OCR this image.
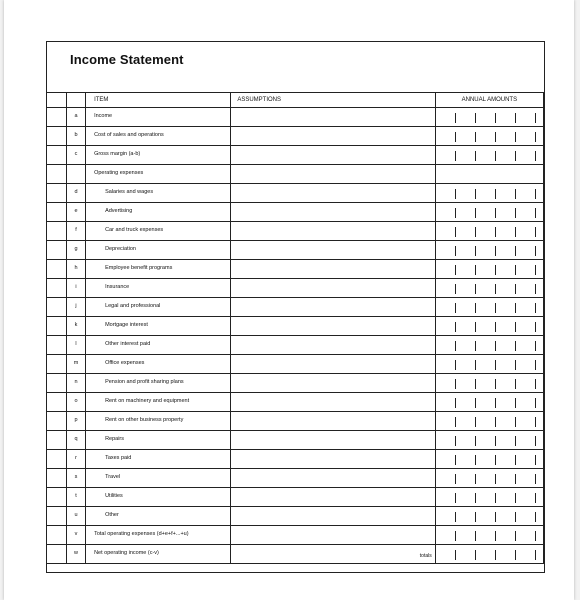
Income Statement
		ITEM	ASSUMPTIONS	ANNUAL AMOUNTS
	a	Income		

	b	Cost of sales and operations		

	c	Gross margin (a-b)		

		Operating expenses		
	d	Salaries and wages		

	e	Advertising		

	f	Car and truck expenses		

	g	Depreciation		

	h	Employee benefit programs		

	i	Insurance		

	j	Legal and professional		

	k	Mortgage interest		

	l	Other interest paid		

	m	Office expenses		

	n	Pension and profit sharing plans		

	o	Rent on machinery and equipment		

	p	Rent on other business property		

	q	Repairs		

	r	Taxes paid		

	s	Travel		

	t	Utilities		

	u	Other		

	v	Total operating expenses (d+e+f+...+u)		

	w	Net operating income (c-v)	totals	
